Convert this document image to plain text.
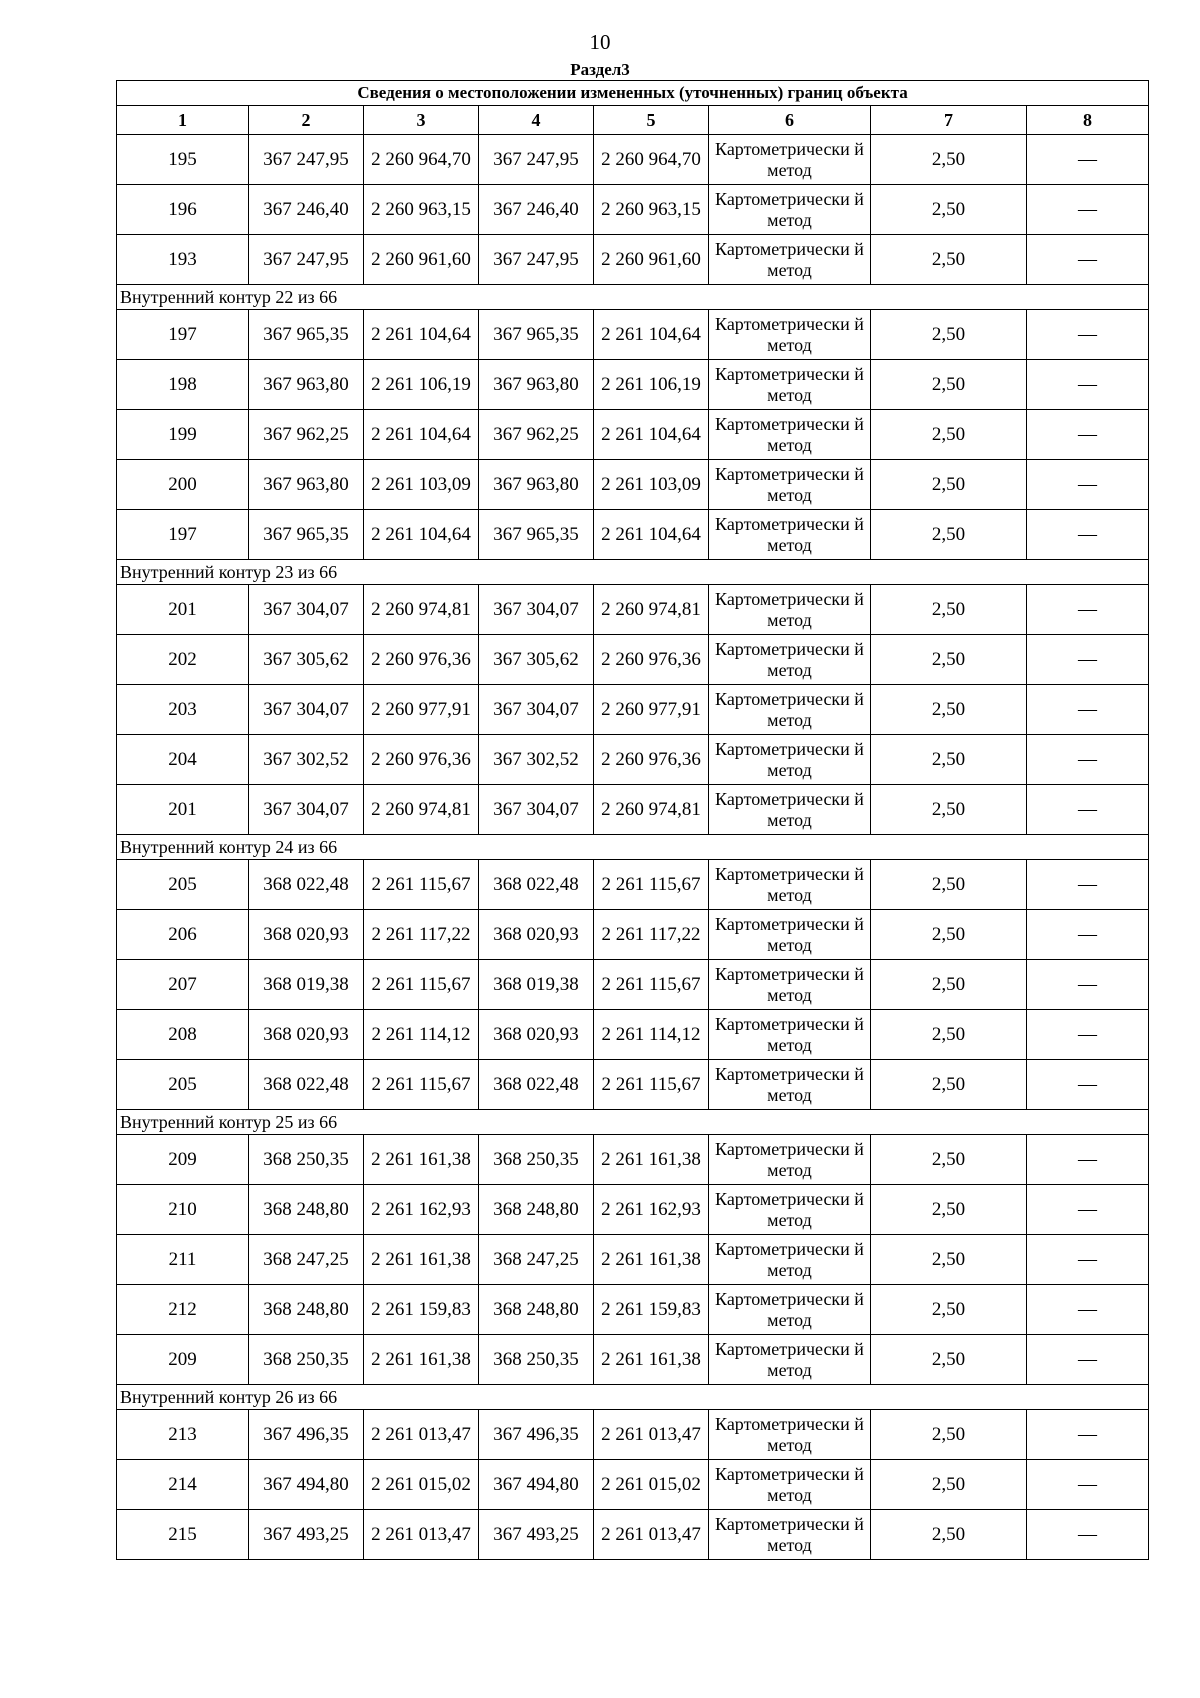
10
Раздел3
Сведения о местоположении измененных (уточненных) границ объекта							
1	2	3	4	5	6	7	8
195	367 247,95	2 260 964,70	367 247,95	2 260 964,70	Картометрически й метод	2,50	—
196	367 246,40	2 260 963,15	367 246,40	2 260 963,15	Картометрически й метод	2,50	—
193	367 247,95	2 260 961,60	367 247,95	2 260 961,60	Картометрически й метод	2,50	—
Внутренний контур 22 из 66							
197	367 965,35	2 261 104,64	367 965,35	2 261 104,64	Картометрически й метод	2,50	—
198	367 963,80	2 261 106,19	367 963,80	2 261 106,19	Картометрически й метод	2,50	—
199	367 962,25	2 261 104,64	367 962,25	2 261 104,64	Картометрически й метод	2,50	—
200	367 963,80	2 261 103,09	367 963,80	2 261 103,09	Картометрически й метод	2,50	—
197	367 965,35	2 261 104,64	367 965,35	2 261 104,64	Картометрически й метод	2,50	—
Внутренний контур 23 из 66							
201	367 304,07	2 260 974,81	367 304,07	2 260 974,81	Картометрически й метод	2,50	—
202	367 305,62	2 260 976,36	367 305,62	2 260 976,36	Картометрически й метод	2,50	—
203	367 304,07	2 260 977,91	367 304,07	2 260 977,91	Картометрически й метод	2,50	—
204	367 302,52	2 260 976,36	367 302,52	2 260 976,36	Картометрически й метод	2,50	—
201	367 304,07	2 260 974,81	367 304,07	2 260 974,81	Картометрически й метод	2,50	—
Внутренний контур 24 из 66							
205	368 022,48	2 261 115,67	368 022,48	2 261 115,67	Картометрически й метод	2,50	—
206	368 020,93	2 261 117,22	368 020,93	2 261 117,22	Картометрически й метод	2,50	—
207	368 019,38	2 261 115,67	368 019,38	2 261 115,67	Картометрически й метод	2,50	—
208	368 020,93	2 261 114,12	368 020,93	2 261 114,12	Картометрически й метод	2,50	—
205	368 022,48	2 261 115,67	368 022,48	2 261 115,67	Картометрически й метод	2,50	—
Внутренний контур 25 из 66							
209	368 250,35	2 261 161,38	368 250,35	2 261 161,38	Картометрически й метод	2,50	—
210	368 248,80	2 261 162,93	368 248,80	2 261 162,93	Картометрически й метод	2,50	—
211	368 247,25	2 261 161,38	368 247,25	2 261 161,38	Картометрически й метод	2,50	—
212	368 248,80	2 261 159,83	368 248,80	2 261 159,83	Картометрически й метод	2,50	—
209	368 250,35	2 261 161,38	368 250,35	2 261 161,38	Картометрически й метод	2,50	—
Внутренний контур 26 из 66							
213	367 496,35	2 261 013,47	367 496,35	2 261 013,47	Картометрически й метод	2,50	—
214	367 494,80	2 261 015,02	367 494,80	2 261 015,02	Картометрически й метод	2,50	—
215	367 493,25	2 261 013,47	367 493,25	2 261 013,47	Картометрически й метод	2,50	—
